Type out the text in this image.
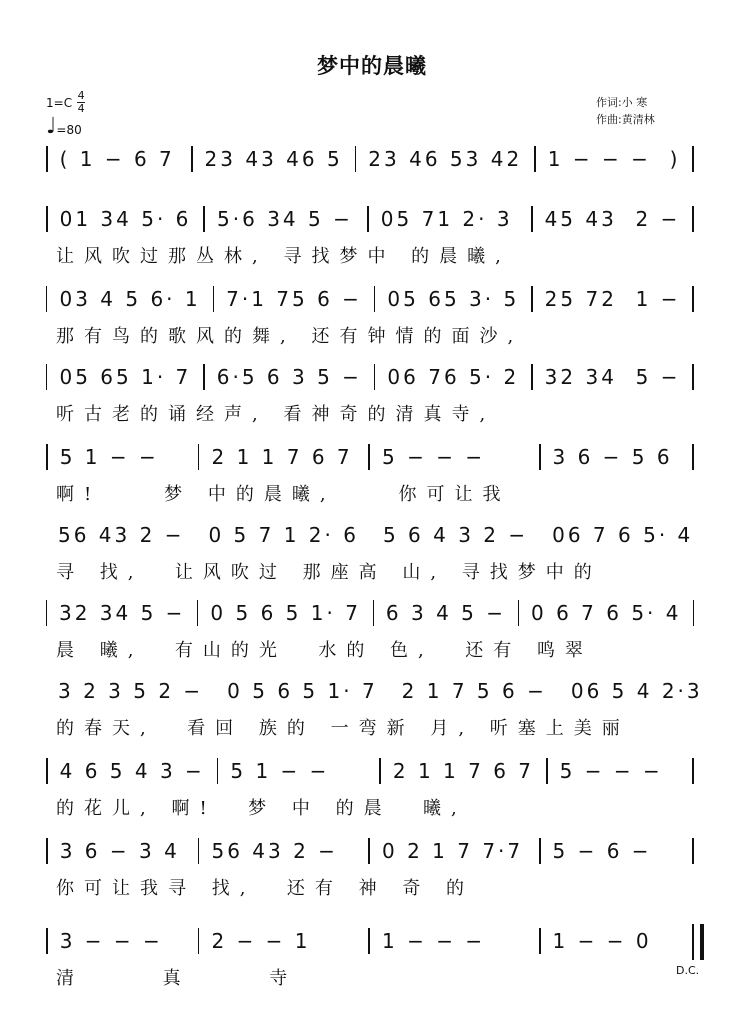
梦中的晨曦
$1=C \frac{4}{4}$
♩ =80
作词:小 寒
作曲:黄清林
( 1 − 6 7 23 43 46 5 23 46 53 42 1 − − −  )
01 34 5· 6 5·6 34 5 − 05 71 2· 3	45 43  2 −
让风吹过那丛林, 寻找梦中 的晨曦,
03 4 5 6· 1 7·1 75 6 − 05 65 3· 5 25 72  1 −
那有鸟的歌风的舞, 还有钟情的面沙,
05 65 1· 7 6·5 6 3 5 − 06 76 5· 2 32 34  5 −
听古老的诵经声, 看神奇的清真寺,
5 1 − −	2 1 1 7 6 7 5 − − −	3 6 − 5 6
啊!    梦 中的晨曦,    你可让我
56 43 2 − 0 5 7 1 2· 6 5 6 4 3 2 − 06 7 6 5· 4
寻 找,  让风吹过 那座高 山, 寻找梦中的
32 34 5 − 0 5 6 5 1· 7 6 3 4 5 − 0 6 7 6 5· 4
晨 曦,  有山的光  水的 色,  还有 鸣翠
3 2 3 5 2 − 0 5 6 5 1· 7 2 1 7 5 6 − 06 5 4 2·3
的春天,  看回 族的 一弯新 月, 听塞上美丽
4 6 5 4 3 − 5 1 − −	2 1 1 7 6 7 5 − − −
的花儿, 啊!  梦 中 的晨  曦,
3 6 − 3 4 56 43 2 −	0 2 1 7 7·7 5 − 6 −
你可让我寻 找,  还有 神 奇 的
3 − − −	2 − − 1	1 − − −	1 − − 0
清     真     寺	D.C.
